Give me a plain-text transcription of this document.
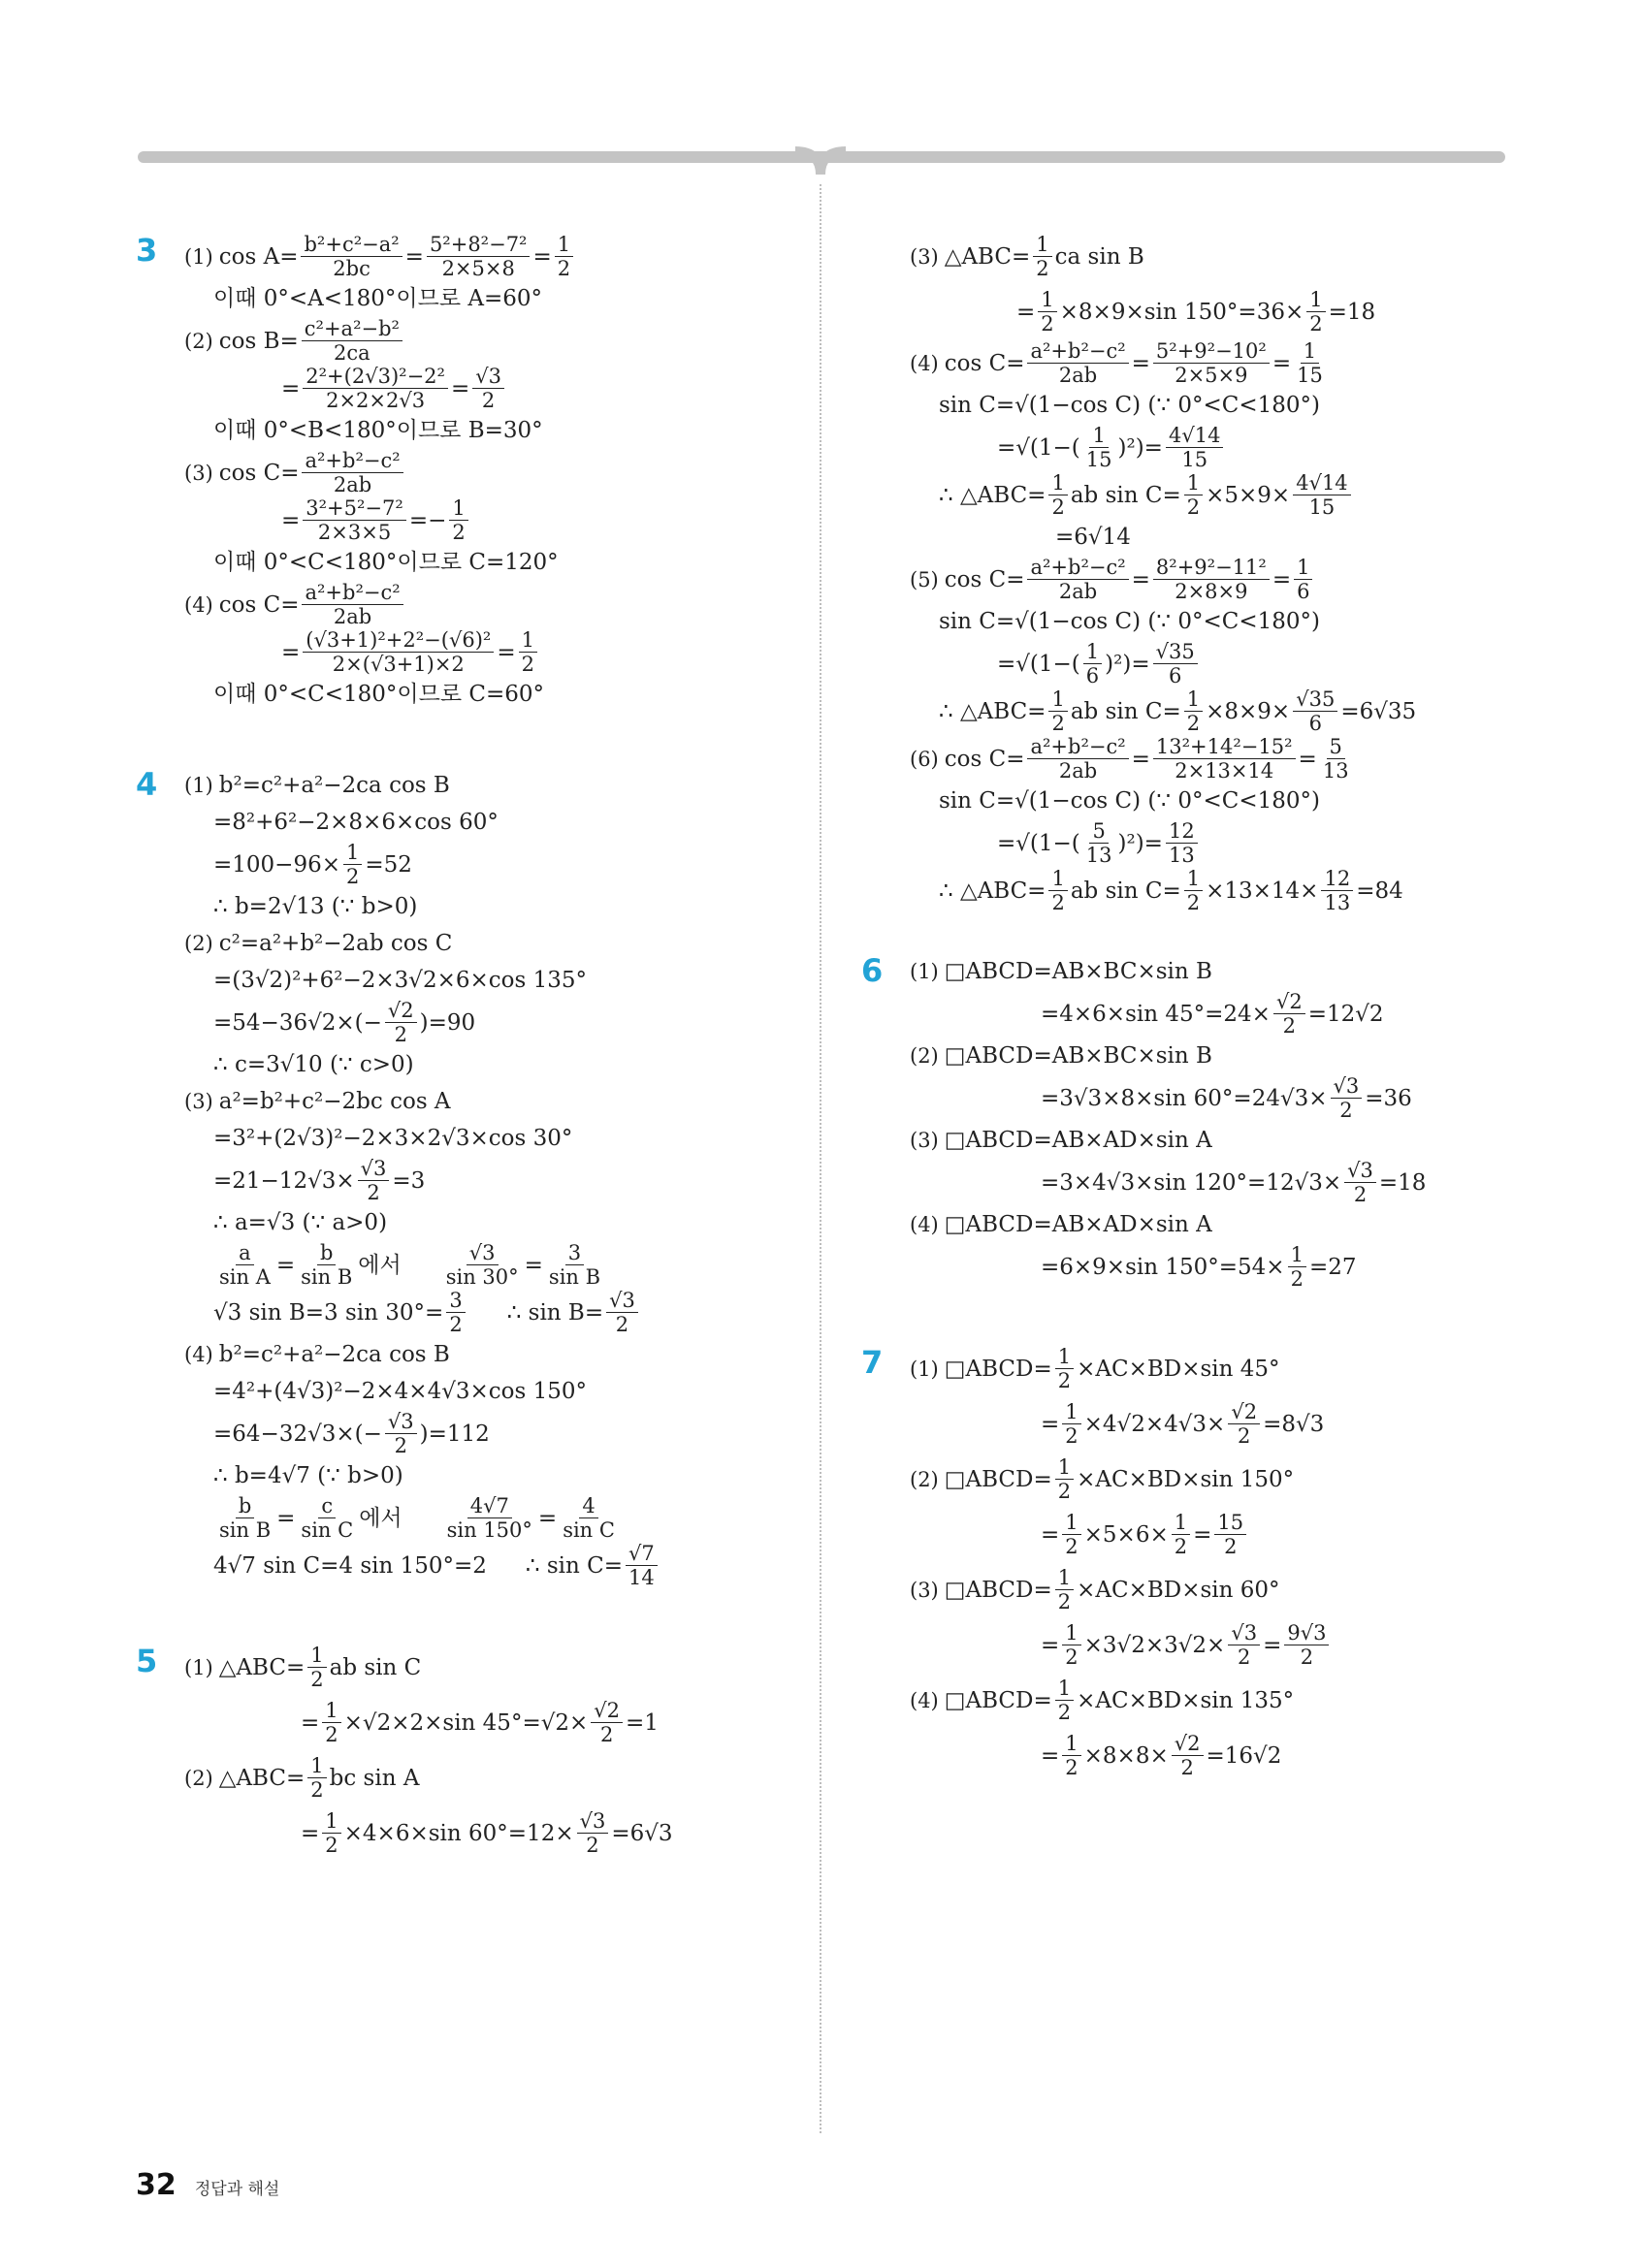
3 (1) $\cos A= \frac{\text{b²+c²−a²}}{2bc} = \frac{\text{5²+8²−7²}}{2\times 5\times 8} = \frac{1}{2}$
이때 0°<A<180°이므로 A=60°
(2) $\cos B= \frac{\text{c²+a²−b²}}{2ca}$
= $\frac{\text{2²+(2√3)²−2²}}{2\times 2\times 2√3} = \frac{√3}{2}$
이때 0°<B<180°이므로 B=30°
(3) $\cos C= \frac{\text{a²+b²−c²}}{2ab}$
= $\frac{\text{3²+5²−7²}}{2\times 3\times 5} =- \frac{1}{2}$
이때 0°<C<180°이므로 C=120°
(4) $\cos C= \frac{\text{a²+b²−c²}}{2ab}$
= $\frac{\text{(√3+1)²+2²−(√6)²}}{2\times(√3+1)\times 2} = \frac{1}{2}$
이때 0°<C<180°이므로 C=60°
4 (1) b²=c²+a²−2ca cos B
=8²+6²−2×8×6×cos 60°
$=100-96\times \frac{1}{2} =52$
∴ b=2√13 (∵ b>0)
(2) c²=a²+b²−2ab cos C
=(3√2)²+6²−2×3√2×6×cos 135°
$=54-36√2\times(- \frac{√2}{2} )=90$
∴ c=3√10 (∵ c>0)
(3) a²=b²+c²−2bc cos A
=3²+(2√3)²−2×3×2√3×cos 30°
$=21-12√3\times \frac{√3}{2} =3$
∴ a=√3 (∵ a>0)
$\frac{a}{\text{sin A}} = \frac{b}{\text{sin B}}$ 에서 $\frac{√3}{\sin 30^\circ} = \frac{3}{\text{sin B}}$
√3 sin B=3 $\sin 30^\circ= \frac{3}{2}$ ∴ $\sin B= \frac{√3}{2}$
(4) b²=c²+a²−2ca cos B
=4²+(4√3)²−2×4×4√3×cos 150°
$=64-32√3\times(- \frac{√3}{2} )=112$
∴ b=4√7 (∵ b>0)
$\frac{b}{\text{sin B}} = \frac{c}{\text{sin C}}$ 에서 $\frac{4√7}{\sin 150^\circ} = \frac{4}{\text{sin C}}$
4√7 sin C=4 sin 150°=2 ∴ $\sin C= \frac{√7}{14}$
5 (1) △ABC= $\frac{1}{2}$ ab sin C
= $\frac{1}{2} \times√2\times 2\times\sin$ $45^\circ=√2\times \frac{√2}{2} =1$
(2) △ABC= $\frac{1}{2}$ bc sin A
= $\frac{1}{2} \times 4\times 6\times\sin$ $60^\circ=12\times \frac{√3}{2} =6√3$
(3) △ABC= $\frac{1}{2}$ ca sin B
= $\frac{1}{2} \times 8\times 9\times\sin$ $150^\circ=36\times \frac{1}{2} =18$
(4) $\cos C= \frac{\text{a²+b²−c²}}{2ab} = \frac{\text{5²+9²−10²}}{2\times 5\times 9} = \frac{1}{15}$
sin C=√(1−cos C) (∵ 0°<C<180°)
$=√(1-( \frac{1}{15} )^2)= \frac{4√14}{15}$
∴ △ABC= $\frac{1}{2}$ ab $\sin C= \frac{1}{2} \times 5\times 9\times \frac{4√14}{15}$
=6√14
(5) $\cos C= \frac{\text{a²+b²−c²}}{2ab} = \frac{\text{8²+9²−11²}}{2\times 8\times 9} = \frac{1}{6}$
sin C=√(1−cos C) (∵ 0°<C<180°)
$=√(1-( \frac{1}{6} )^2)= \frac{√35}{6}$
∴ △ABC= $\frac{1}{2}$ ab $\sin C= \frac{1}{2} \times 8\times 9\times \frac{√35}{6} =6√35$
(6) $\cos C= \frac{\text{a²+b²−c²}}{2ab} = \frac{\text{13²+14²−15²}}{2\times 13\times 14} = \frac{5}{13}$
sin C=√(1−cos C) (∵ 0°<C<180°)
$=√(1-( \frac{5}{13} )^2)= \frac{12}{13}$
∴ △ABC= $\frac{1}{2}$ ab $\sin C= \frac{1}{2} \times 13\times 14\times \frac{12}{13} =84$
6 (1) □ABCD=AB×BC×sin B
=4×6×sin $45^\circ=24\times \frac{√2}{2} =12√2$
(2) □ABCD=AB×BC×sin B
=3√3×8×sin $60^\circ=24√3\times \frac{√3}{2} =36$
(3) □ABCD=AB×AD×sin A
=3×4√3×sin $120^\circ=12√3\times \frac{√3}{2} =18$
(4) □ABCD=AB×AD×sin A
=6×9×sin $150^\circ=54\times \frac{1}{2} =27$
7 (1) □ABCD= $\frac{1}{2} \times AC\times BD\times\sin$ 45°
= $\frac{1}{2} \times 4√2\times 4√3\times \frac{√2}{2} =8√3$
(2) □ABCD= $\frac{1}{2} \times AC\times BD\times\sin$ 150°
= $\frac{1}{2} \times 5\times 6\times \frac{1}{2} = \frac{15}{2}$
(3) □ABCD= $\frac{1}{2} \times AC\times BD\times\sin$ 60°
= $\frac{1}{2} \times 3√2\times 3√2\times \frac{√3}{2} = \frac{9√3}{2}$
(4) □ABCD= $\frac{1}{2} \times AC\times BD\times\sin$ 135°
= $\frac{1}{2} \times 8\times 8\times \frac{√2}{2} =16√2$
32 정답과 해설
